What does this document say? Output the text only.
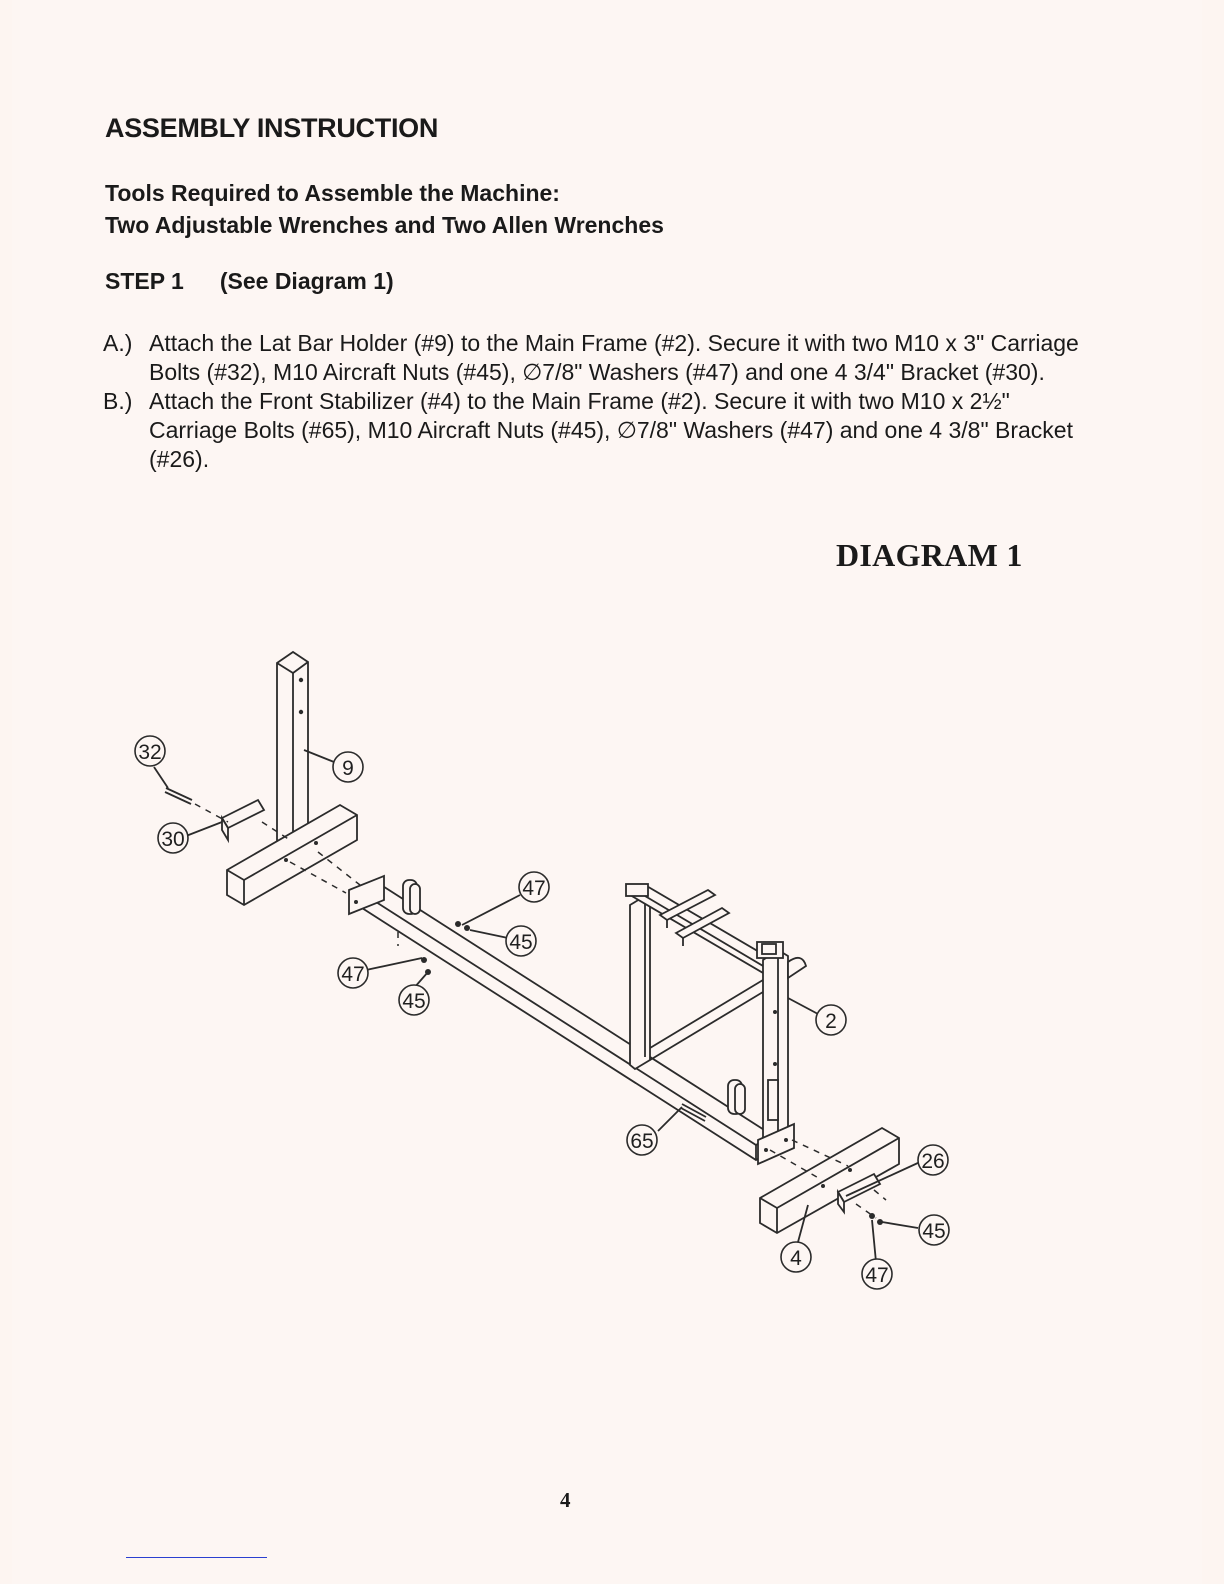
ASSEMBLY INSTRUCTION
Tools Required to Assemble the Machine:
Two Adjustable Wrenches and Two Allen Wrenches
STEP 1 (See Diagram 1)
A.) Attach the Lat Bar Holder (#9) to the Main Frame (#2). Secure it with two M10 x 3" Carriage Bolts (#32), M10 Aircraft Nuts (#45), ∅7/8" Washers (#47) and one 4 3/4" Bracket (#30).
B.) Attach the Front Stabilizer (#4) to the Main Frame (#2). Secure it with two M10 x 2½" Carriage Bolts (#65), M10 Aircraft Nuts (#45), ∅7/8" Washers (#47) and one 4 3/8" Bracket (#26).
DIAGRAM 1
32
9
30
47
45
47
45
2
65
26
45
4
47
4
